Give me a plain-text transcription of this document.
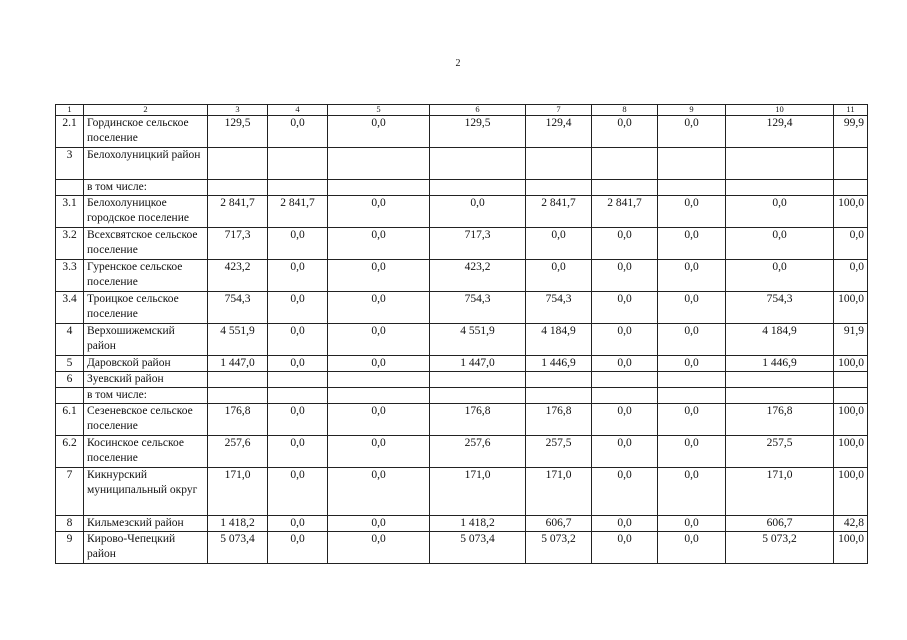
2
1	2	3	4	5	6	7	8	9	10	11
2.1	Гординское сельское поселение	129,5	0,0	0,0	129,5	129,4	0,0	0,0	129,4	99,9
3	Белохолуницкий район									
	в том числе:									
3.1	Белохолуницкое городское поселение	2 841,7	2 841,7	0,0	0,0	2 841,7	2 841,7	0,0	0,0	100,0
3.2	Всехсвятское сельское поселение	717,3	0,0	0,0	717,3	0,0	0,0	0,0	0,0	0,0
3.3	Гуренское сельское поселение	423,2	0,0	0,0	423,2	0,0	0,0	0,0	0,0	0,0
3.4	Троицкое сельское поселение	754,3	0,0	0,0	754,3	754,3	0,0	0,0	754,3	100,0
4	Верхошижемский район	4 551,9	0,0	0,0	4 551,9	4 184,9	0,0	0,0	4 184,9	91,9
5	Даровской район	1 447,0	0,0	0,0	1 447,0	1 446,9	0,0	0,0	1 446,9	100,0
6	Зуевский район									
	в том числе:									
6.1	Сезеневское сельское поселение	176,8	0,0	0,0	176,8	176,8	0,0	0,0	176,8	100,0
6.2	Косинское сельское поселение	257,6	0,0	0,0	257,6	257,5	0,0	0,0	257,5	100,0
7	Кикнурский муниципальный округ	171,0	0,0	0,0	171,0	171,0	0,0	0,0	171,0	100,0
8	Кильмезский район	1 418,2	0,0	0,0	1 418,2	606,7	0,0	0,0	606,7	42,8
9	Кирово-Чепецкий район	5 073,4	0,0	0,0	5 073,4	5 073,2	0,0	0,0	5 073,2	100,0
